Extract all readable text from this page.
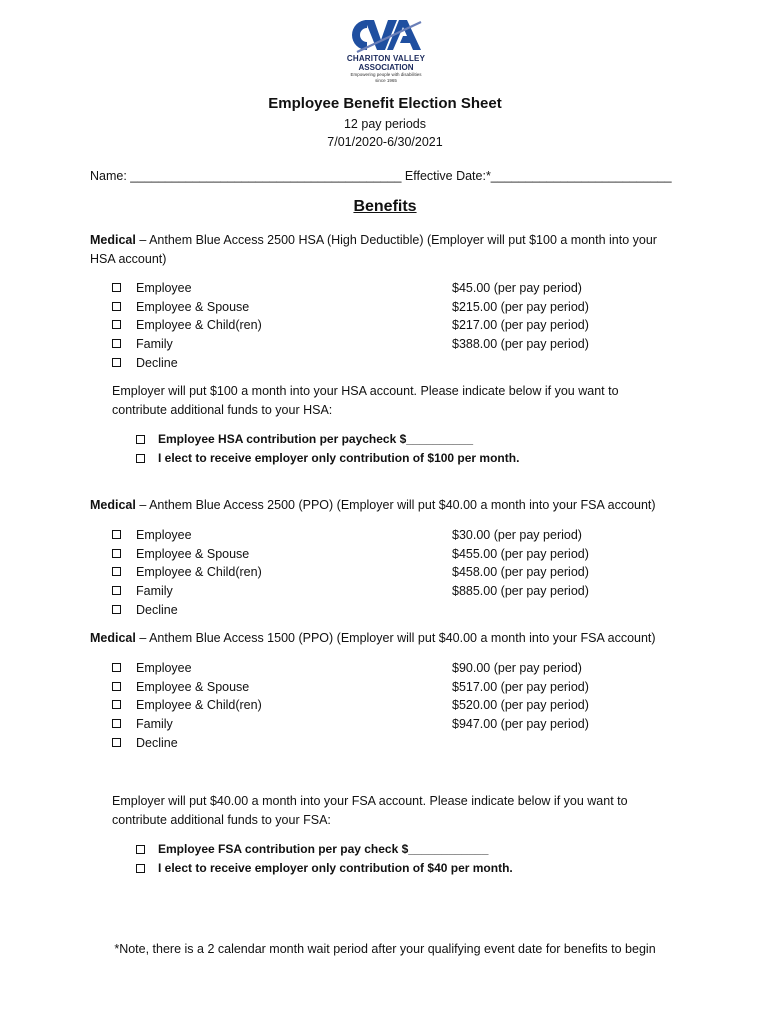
CHARITON VALLEY
ASSOCIATION
Empowering people with disabilities
since 1965
Employee Benefit Election Sheet
12 pay periods
7/01/2020-6/30/2021
Name: _______________________________________ Effective Date:*__________________________
Benefits
Medical – Anthem Blue Access 2500 HSA (High Deductible) (Employer will put $100 a month into your HSA account)
Employee	$45.00 (per pay period)
Employee & Spouse	$215.00 (per pay period)
Employee & Child(ren)	$217.00 (per pay period)
Family	$388.00 (per pay period)
Decline
Employer will put $100 a month into your HSA account. Please indicate below if you want to contribute additional funds to your HSA:
Employee HSA contribution per paycheck $__________
I elect to receive employer only contribution of $100 per month.
Medical – Anthem Blue Access 2500 (PPO) (Employer will put $40.00 a month into your FSA account)
Employee	$30.00 (per pay period)
Employee & Spouse	$455.00 (per pay period)
Employee & Child(ren)	$458.00 (per pay period)
Family	$885.00 (per pay period)
Decline
Medical – Anthem Blue Access 1500 (PPO) (Employer will put $40.00 a month into your FSA account)
Employee	$90.00 (per pay period)
Employee & Spouse	$517.00 (per pay period)
Employee & Child(ren)	$520.00 (per pay period)
Family	$947.00 (per pay period)
Decline
Employer will put $40.00 a month into your FSA account. Please indicate below if you want to contribute additional funds to your FSA:
Employee FSA contribution per pay check $____________
I elect to receive employer only contribution of $40 per month.
*Note, there is a 2 calendar month wait period after your qualifying event date for benefits to begin
